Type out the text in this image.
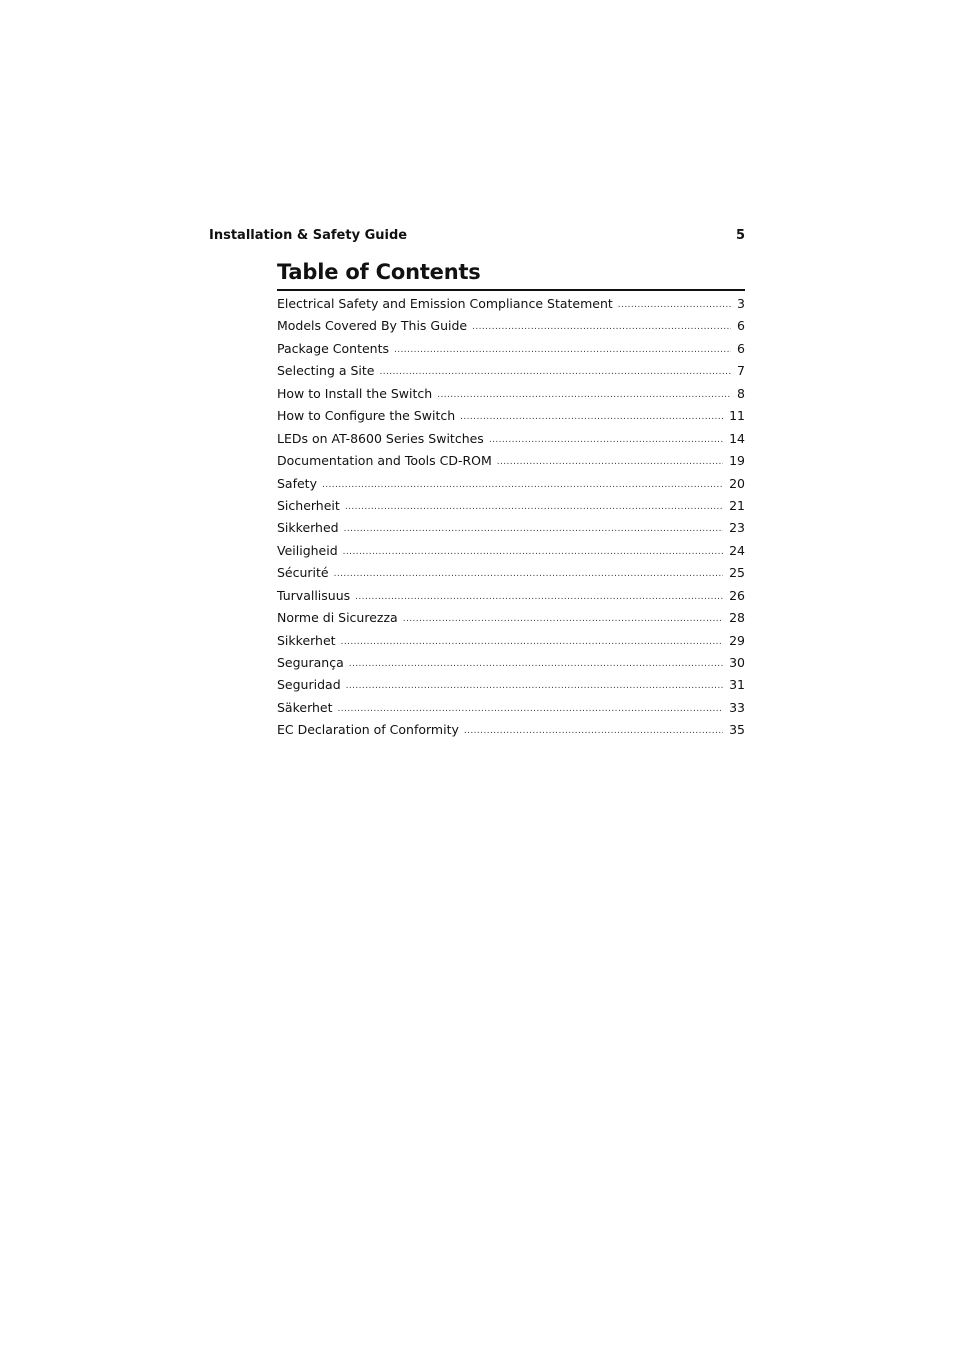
Installation & Safety Guide	5
Table of Contents
Electrical Safety and Emission Compliance Statement .....	3
Models Covered By This Guide .....	6
Package Contents .....	6
Selecting a Site .....	7
How to Install the Switch .....	8
How to Configure the Switch .....	11
LEDs on AT-8600 Series Switches .....	14
Documentation and Tools CD-ROM .....	19
Safety .....	20
Sicherheit .....	21
Sikkerhed .....	23
Veiligheid .....	24
Sécurité .....	25
Turvallisuus .....	26
Norme di Sicurezza .....	28
Sikkerhet .....	29
Segurança .....	30
Seguridad .....	31
Säkerhet .....	33
EC Declaration of Conformity .....	35
